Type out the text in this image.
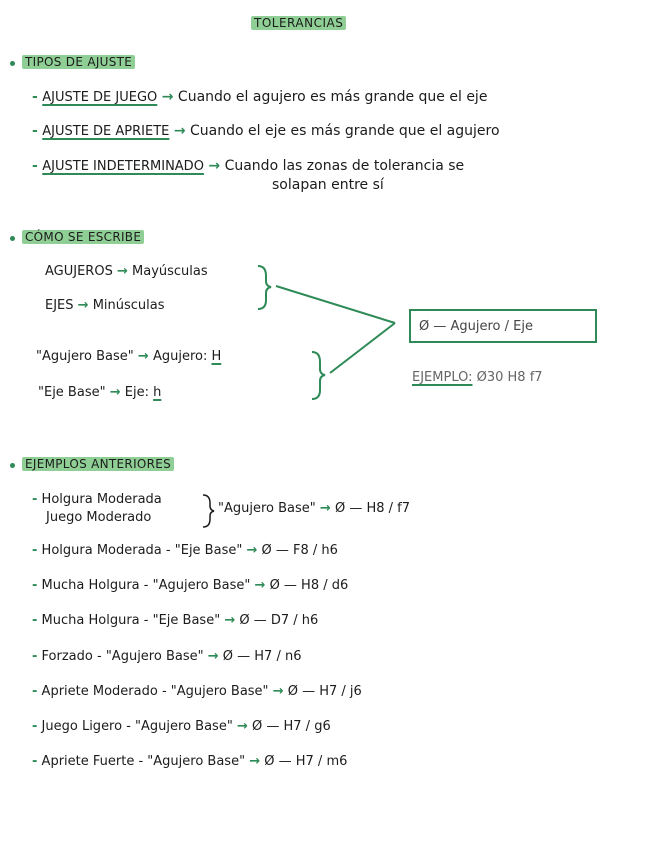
TOLERANCIAS
TIPOS DE AJUSTE
- AJUSTE DE JUEGO → Cuando el agujero es más grande que el eje
- AJUSTE DE APRIETE → Cuando el eje es más grande que el agujero
- AJUSTE INDETERMINADO → Cuando las zonas de tolerancia se
solapan entre sí
CÓMO SE ESCRIBE
AGUJEROS → Mayúsculas
EJES → Minúsculas
"Agujero Base" → Agujero: H
"Eje Base" → Eje: h
Ø — Agujero / Eje
EJEMPLO: Ø30 H8 f7
EJEMPLOS ANTERIORES
- Holgura Moderada
Juego Moderado
"Agujero Base" → Ø — H8 / f7
- Holgura Moderada - "Eje Base" → Ø — F8 / h6
- Mucha Holgura - "Agujero Base" → Ø — H8 / d6
- Mucha Holgura - "Eje Base" → Ø — D7 / h6
- Forzado - "Agujero Base" → Ø — H7 / n6
- Apriete Moderado - "Agujero Base" → Ø — H7 / j6
- Juego Ligero - "Agujero Base" → Ø — H7 / g6
- Apriete Fuerte - "Agujero Base" → Ø — H7 / m6
